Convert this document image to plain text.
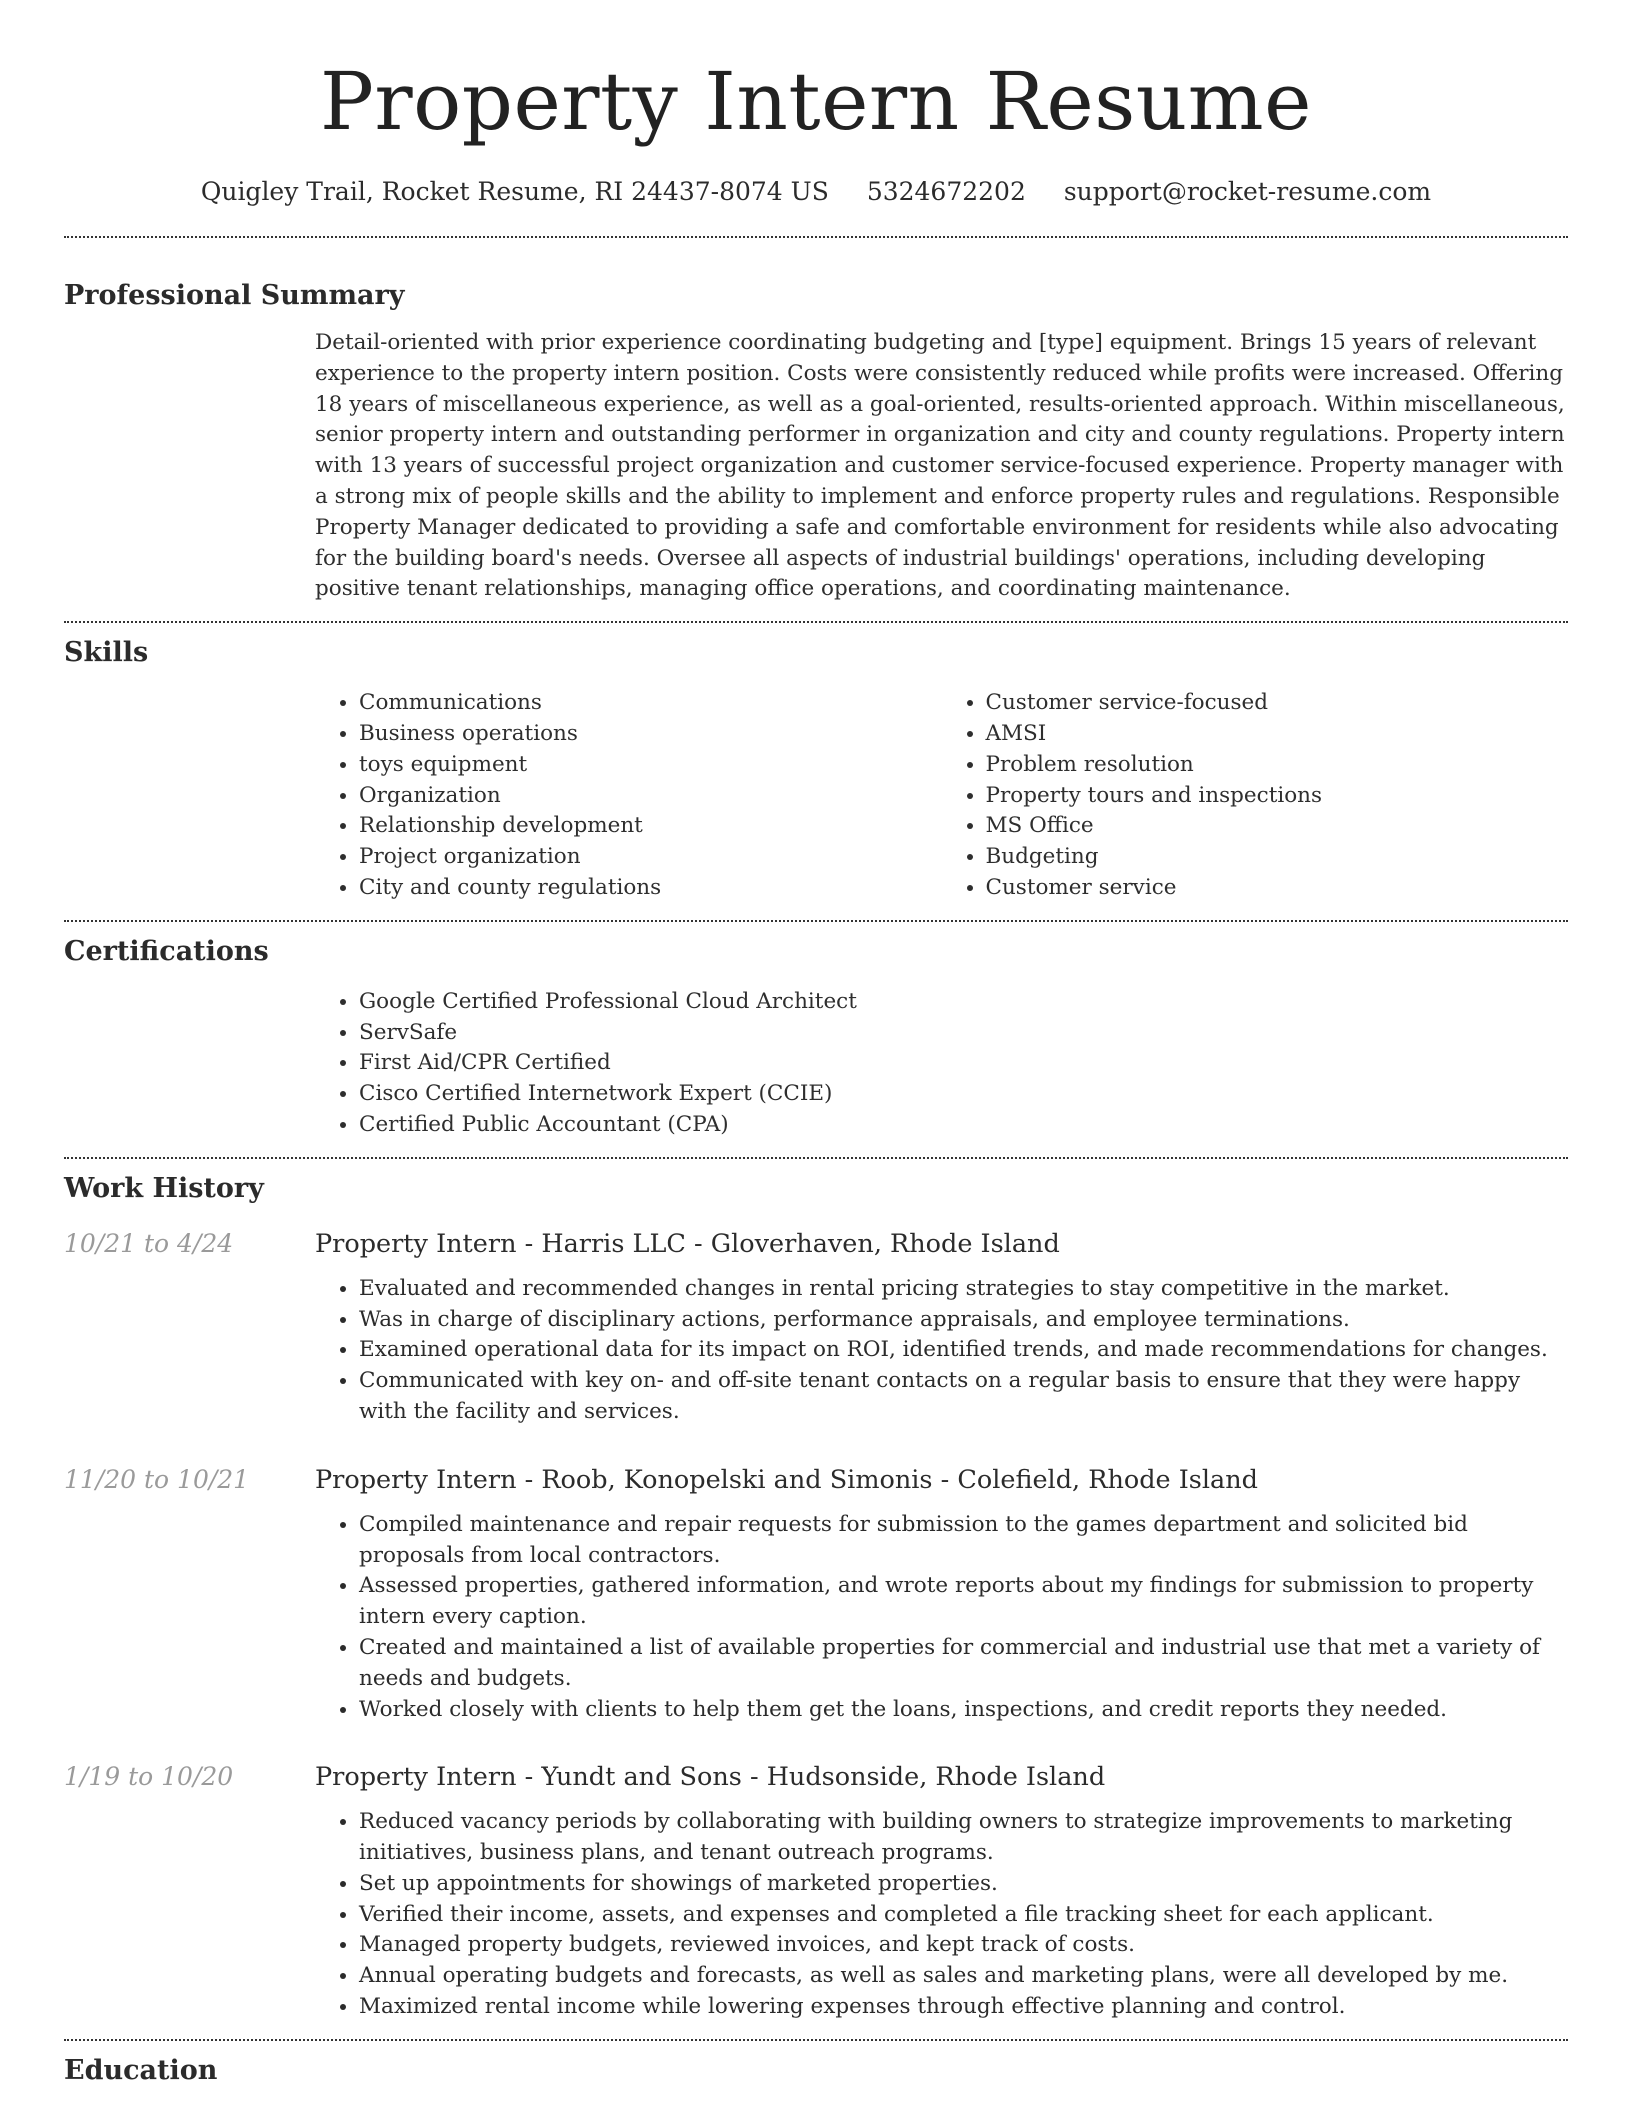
Property Intern Resume
Quigley Trail, Rocket Resume, RI 24437-8074 US 5324672202 support@rocket-resume.com
Professional Summary

Detail-oriented with prior experience coordinating budgeting and [type] equipment. Brings 15 years of relevant experience to the property intern position. Costs were consistently reduced while profits were increased. Offering 18 years of miscellaneous experience, as well as a goal-oriented, results-oriented approach. Within miscellaneous, senior property intern and outstanding performer in organization and city and county regulations. Property intern with 13 years of successful project organization and customer service-focused experience. Property manager with a strong mix of people skills and the ability to implement and enforce property rules and regulations. Responsible Property Manager dedicated to providing a safe and comfortable environment for residents while also advocating for the building board's needs. Oversee all aspects of industrial buildings' operations, including developing positive tenant relationships, managing office operations, and coordinating maintenance.

Skills
• Communications
• Business operations
• toys equipment
• Organization
• Relationship development
• Project organization
• City and county regulations
• Customer service-focused
• AMSI
• Problem resolution
• Property tours and inspections
• MS Office
• Budgeting
• Customer service
Certifications
• Google Certified Professional Cloud Architect
• ServSafe
• First Aid/CPR Certified
• Cisco Certified Internetwork Expert (CCIE)
• Certified Public Accountant (CPA)
Work History
10/21 to 4/24	Property Intern - Harris LLC - Gloverhaven, Rhode Island
• Evaluated and recommended changes in rental pricing strategies to stay competitive in the market.
• Was in charge of disciplinary actions, performance appraisals, and employee terminations.
• Examined operational data for its impact on ROI, identified trends, and made recommendations for changes.
• Communicated with key on- and off-site tenant contacts on a regular basis to ensure that they were happy with the facility and services.
11/20 to 10/21	Property Intern - Roob, Konopelski and Simonis - Colefield, Rhode Island
• Compiled maintenance and repair requests for submission to the games department and solicited bid proposals from local contractors.
• Assessed properties, gathered information, and wrote reports about my findings for submission to property intern every caption.
• Created and maintained a list of available properties for commercial and industrial use that met a variety of needs and budgets.
• Worked closely with clients to help them get the loans, inspections, and credit reports they needed.
1/19 to 10/20	Property Intern - Yundt and Sons - Hudsonside, Rhode Island
• Reduced vacancy periods by collaborating with building owners to strategize improvements to marketing initiatives, business plans, and tenant outreach programs.
• Set up appointments for showings of marketed properties.
• Verified their income, assets, and expenses and completed a file tracking sheet for each applicant.
• Managed property budgets, reviewed invoices, and kept track of costs.
• Annual operating budgets and forecasts, as well as sales and marketing plans, were all developed by me.
• Maximized rental income while lowering expenses through effective planning and control.
Education
